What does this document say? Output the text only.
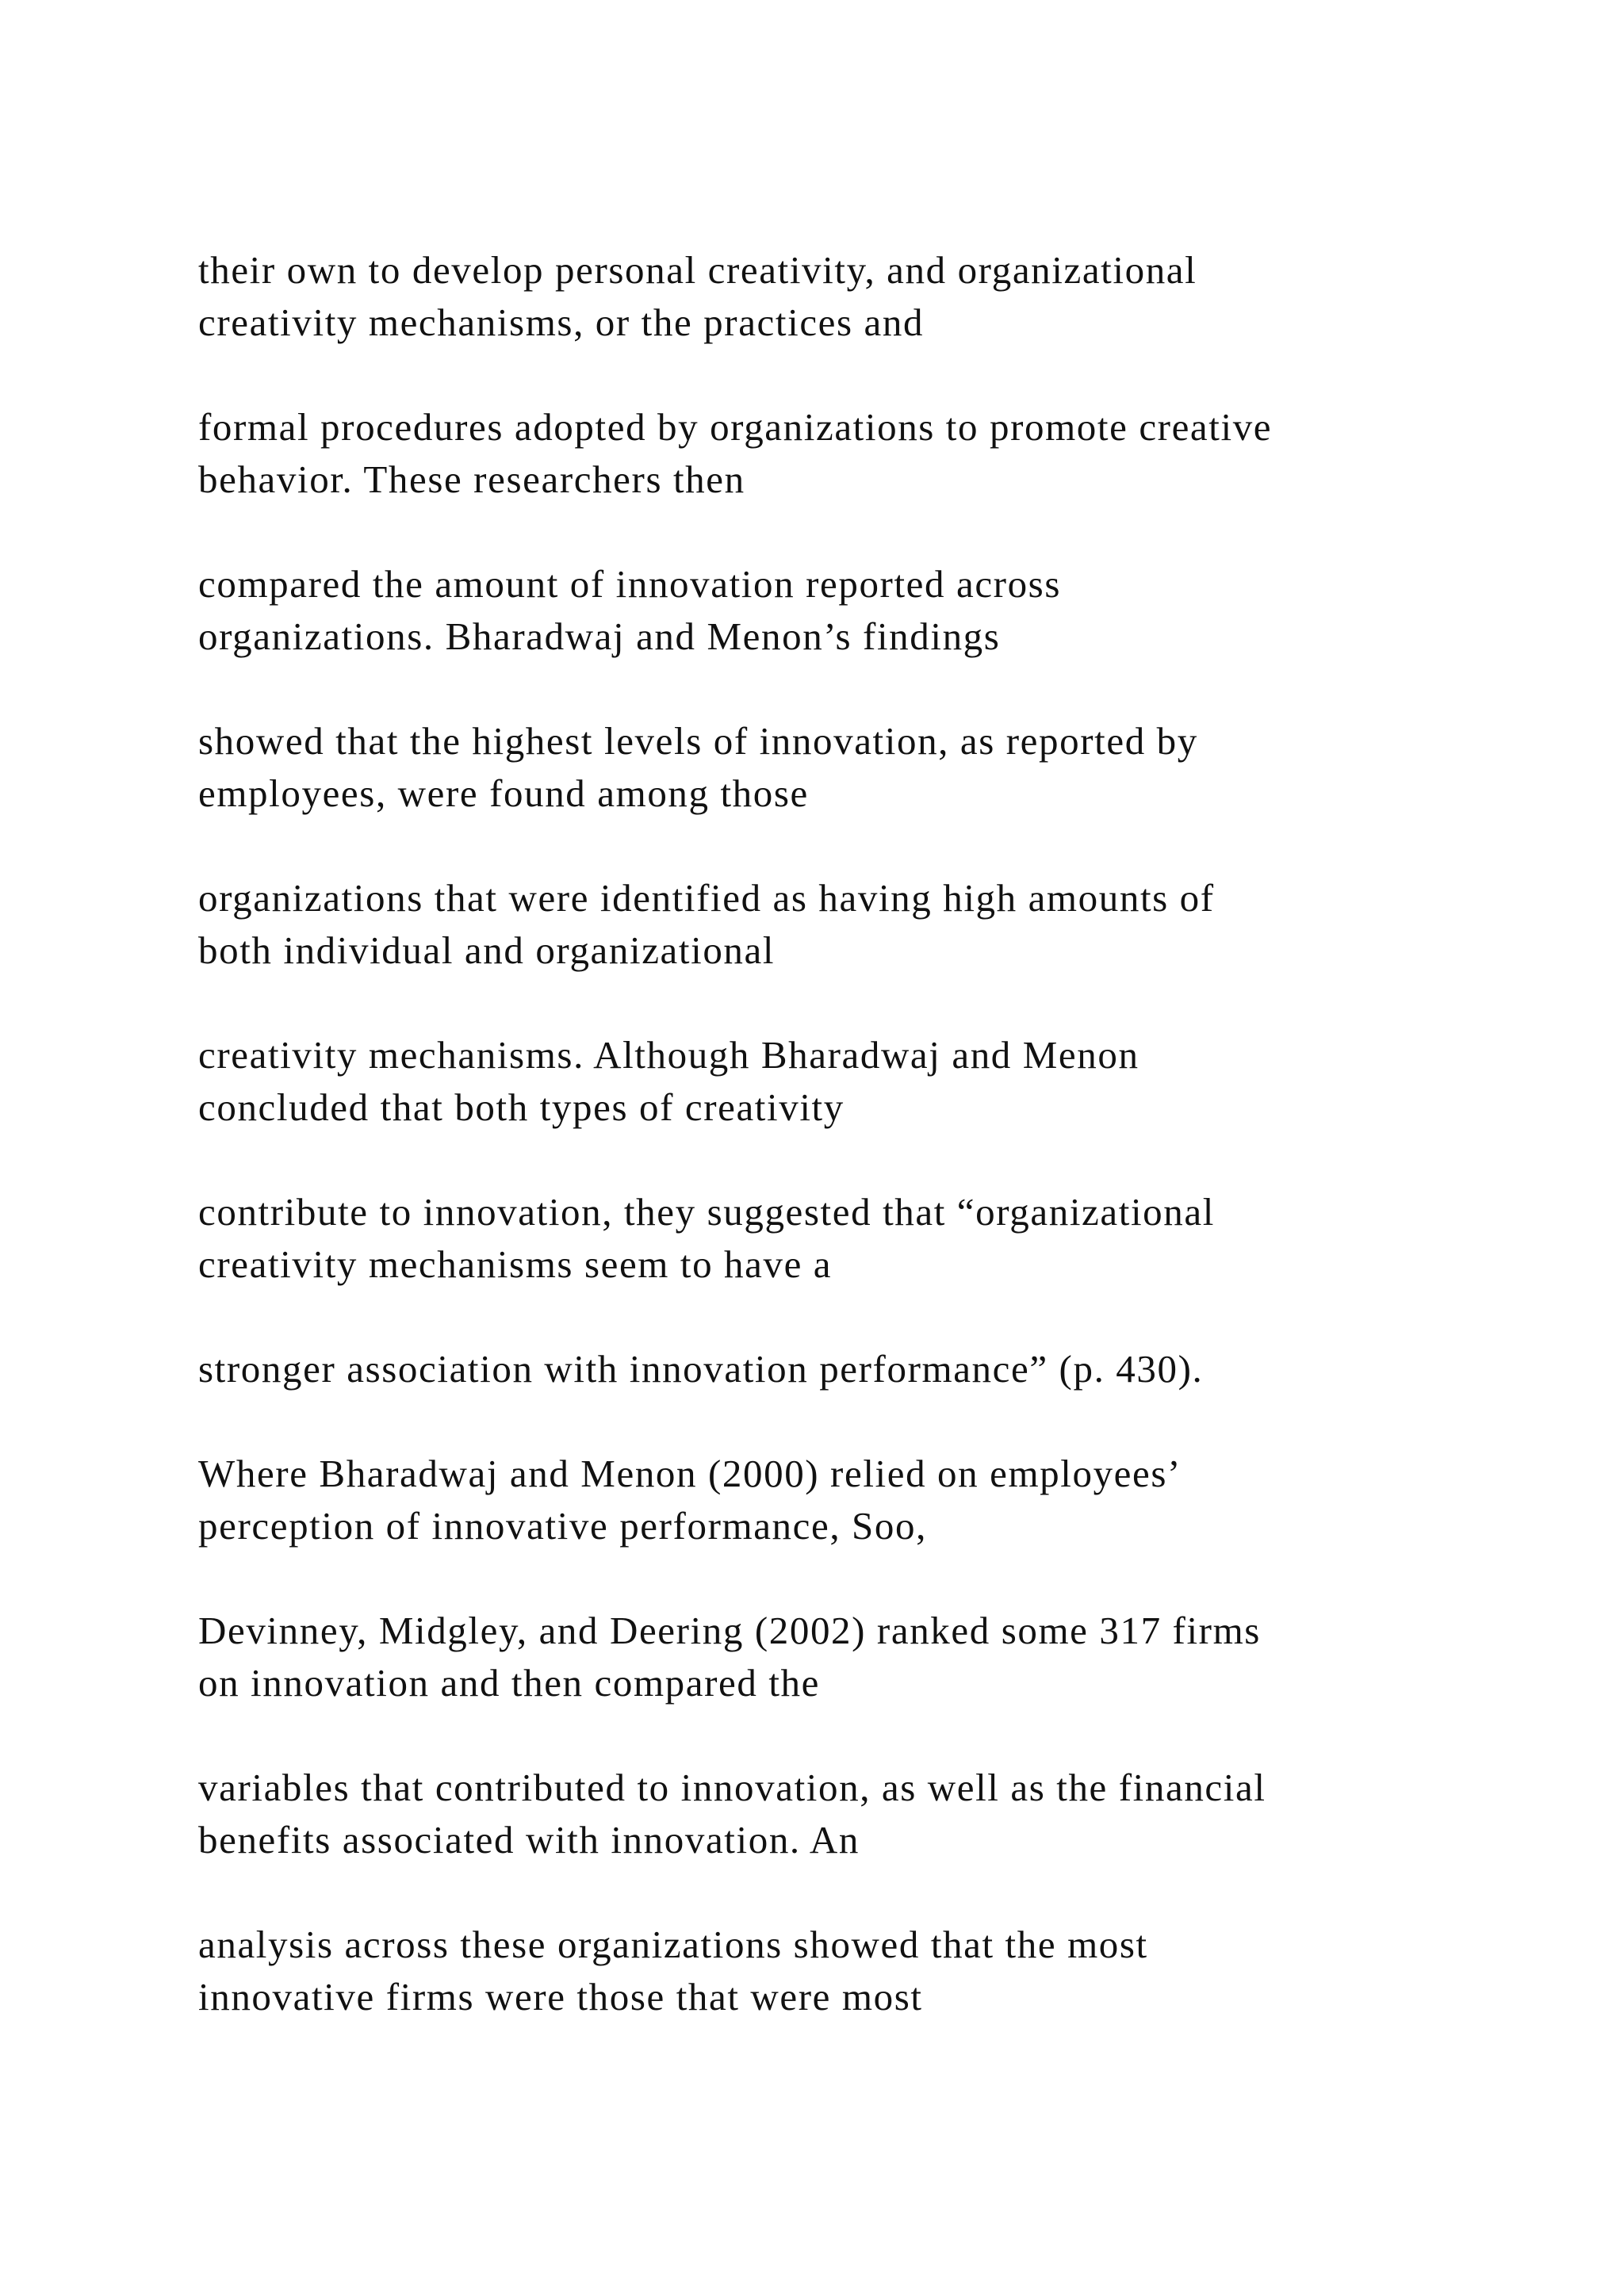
their own to develop personal creativity, and organizational
creativity mechanisms, or the practices and

formal procedures adopted by organizations to promote creative
behavior. These researchers then

compared the amount of innovation reported across
organizations. Bharadwaj and Menon’s findings

showed that the highest levels of innovation, as reported by
employees, were found among those

organizations that were identified as having high amounts of
both individual and organizational

creativity mechanisms. Although Bharadwaj and Menon
concluded that both types of creativity

contribute to innovation, they suggested that “organizational
creativity mechanisms seem to have a

stronger association with innovation performance” (p. 430).

Where Bharadwaj and Menon (2000) relied on employees’
perception of innovative performance, Soo,

Devinney, Midgley, and Deering (2002) ranked some 317 firms
on innovation and then compared the

variables that contributed to innovation, as well as the financial
benefits associated with innovation. An

analysis across these organizations showed that the most
innovative firms were those that were most
